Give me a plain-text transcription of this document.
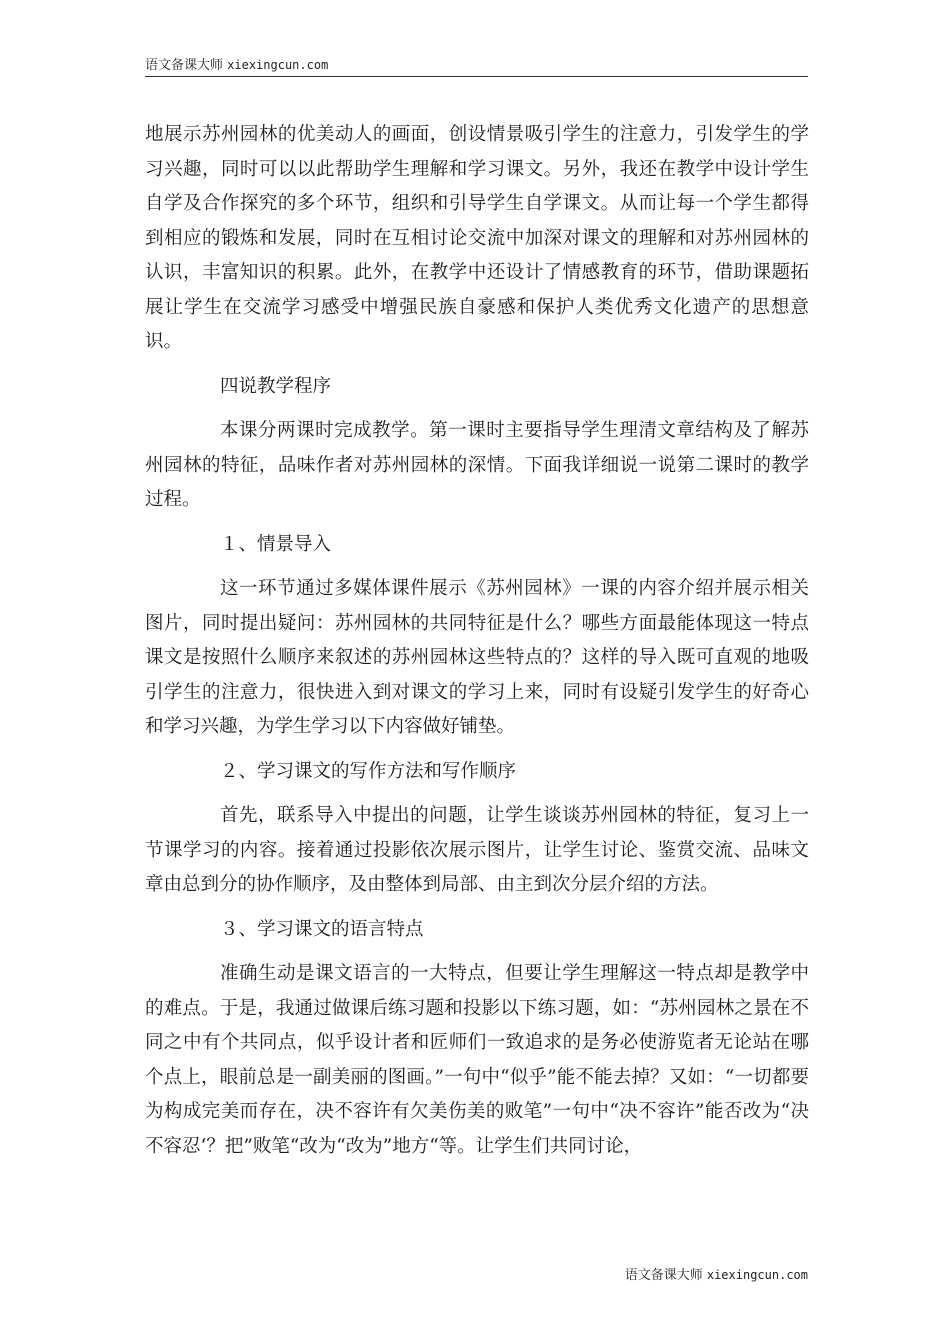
语文备课大师 xiexingcun.com

地展示苏州园林的优美动人的画面，创设情景吸引学生的注意力，引发学生的学习兴趣，同时可以以此帮助学生理解和学习课文。另外，我还在教学中设计学生自学及合作探究的多个环节，组织和引导学生自学课文。从而让每一个学生都得到相应的锻炼和发展，同时在互相讨论交流中加深对课文的理解和对苏州园林的认识，丰富知识的积累。此外，在教学中还设计了情感教育的环节，借助课题拓展让学生在交流学习感受中增强民族自豪感和保护人类优秀文化遗产的思想意识。

四说教学程序

本课分两课时完成教学。第一课时主要指导学生理清文章结构及了解苏州园林的特征，品味作者对苏州园林的深情。下面我详细说一说第二课时的教学过程。

１、情景导入

这一环节通过多媒体课件展示《苏州园林》一课的内容介绍并展示相关图片，同时提出疑问：苏州园林的共同特征是什么？哪些方面最能体现这一特点课文是按照什么顺序来叙述的苏州园林这些特点的？这样的导入既可直观的地吸引学生的注意力，很快进入到对课文的学习上来，同时有设疑引发学生的好奇心和学习兴趣，为学生学习以下内容做好铺垫。

２、学习课文的写作方法和写作顺序

首先，联系导入中提出的问题，让学生谈谈苏州园林的特征，复习上一节课学习的内容。接着通过投影依次展示图片，让学生讨论、鉴赏交流、品味文章由总到分的协作顺序，及由整体到局部、由主到次分层介绍的方法。

３、学习课文的语言特点

准确生动是课文语言的一大特点，但要让学生理解这一特点却是教学中的难点。于是，我通过做课后练习题和投影以下练习题，如：“苏州园林之景在不同之中有个共同点，似乎设计者和匠师们一致追求的是务必使游览者无论站在哪个点上，眼前总是一副美丽的图画。”一句中“似乎”能不能去掉？又如：“一切都要为构成完美而存在，决不容许有欠美伤美的败笔”一句中“决不容许”能否改为“决不容忍‘？把”败笔“改为“改为”地方“等。让学生们共同讨论，

语文备课大师 xiexingcun.com
